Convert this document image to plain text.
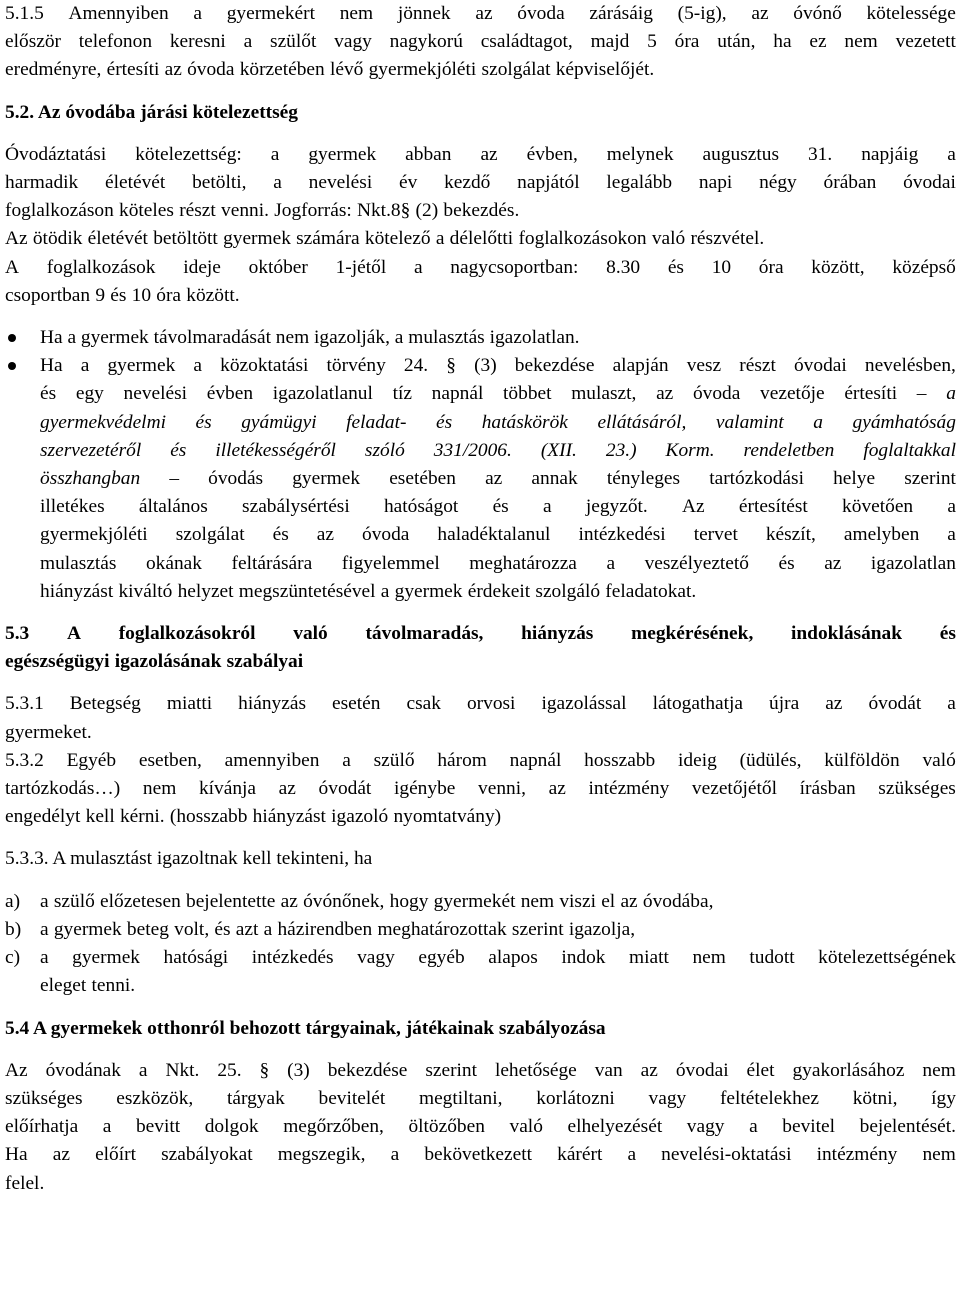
5.1.5 Amennyiben a gyermekért nem jönnek az óvoda zárásáig (5-ig), az óvónő kötelessége
először telefonon keresni a szülőt vagy nagykorú családtagot, majd 5 óra után, ha ez nem vezetett
eredményre, értesíti az óvoda körzetében lévő gyermekjóléti szolgálat képviselőjét.
5.2. Az óvodába járási kötelezettség
Óvodáztatási kötelezettség: a gyermek abban az évben, melynek augusztus 31. napjáig a
harmadik életévét betölti, a nevelési év kezdő napjától legalább napi négy órában óvodai
foglalkozáson köteles részt venni. Jogforrás: Nkt.8§ (2) bekezdés.
Az ötödik életévét betöltött gyermek számára kötelező a délelőtti foglalkozásokon való részvétel.
A foglalkozások ideje október 1-jétől a nagycsoportban: 8.30 és 10 óra között, középső
csoportban 9 és 10 óra között.
Ha a gyermek távolmaradását nem igazolják, a mulasztás igazolatlan.
Ha a gyermek a közoktatási törvény 24. § (3) bekezdése alapján vesz részt óvodai nevelésben,
és egy nevelési évben igazolatlanul tíz napnál többet mulaszt, az óvoda vezetője értesíti – a
gyermekvédelmi és gyámügyi feladat- és hatáskörök ellátásáról, valamint a gyámhatóság
szervezetéről és illetékességéről szóló 331/2006. (XII. 23.) Korm. rendeletben foglaltakkal
összhangban – óvodás gyermek esetében az annak tényleges tartózkodási helye szerint
illetékes általános szabálysértési hatóságot és a jegyzőt. Az értesítést követően a
gyermekjóléti szolgálat és az óvoda haladéktalanul intézkedési tervet készít, amelyben a
mulasztás okának feltárására figyelemmel meghatározza a veszélyeztető és az igazolatlan
hiányzást kiváltó helyzet megszüntetésével a gyermek érdekeit szolgáló feladatokat.
5.3 A foglalkozásokról való távolmaradás, hiányzás megkérésének, indoklásának és
egészségügyi igazolásának szabályai
5.3.1 Betegség miatti hiányzás esetén csak orvosi igazolással látogathatja újra az óvodát a
gyermeket.
5.3.2 Egyéb esetben, amennyiben a szülő három napnál hosszabb ideig (üdülés, külföldön való
tartózkodás…) nem kívánja az óvodát igénybe venni, az intézmény vezetőjétől írásban szükséges
engedélyt kell kérni. (hosszabb hiányzást igazoló nyomtatvány)
5.3.3. A mulasztást igazoltnak kell tekinteni, ha
a) a szülő előzetesen bejelentette az óvónőnek, hogy gyermekét nem viszi el az óvodába,
b) a gyermek beteg volt, és azt a házirendben meghatározottak szerint igazolja,
c) a gyermek hatósági intézkedés vagy egyéb alapos indok miatt nem tudott kötelezettségének
eleget tenni.
5.4 A gyermekek otthonról behozott tárgyainak, játékainak szabályozása
Az óvodának a Nkt. 25. § (3) bekezdése szerint lehetősége van az óvodai élet gyakorlásához nem
szükséges eszközök, tárgyak bevitelét megtiltani, korlátozni vagy feltételekhez kötni, így
előírhatja a bevitt dolgok megőrzőben, öltözőben való elhelyezését vagy a bevitel bejelentését.
Ha az előírt szabályokat megszegik, a bekövetkezett kárért a nevelési-oktatási intézmény nem
felel.
